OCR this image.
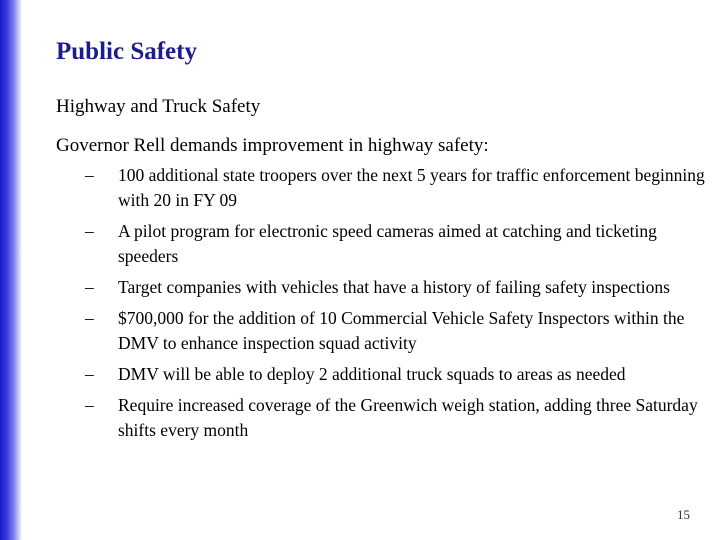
Public Safety

Highway and Truck Safety

Governor Rell demands improvement in highway safety:

– 100 additional state troopers over the next 5 years for traffic enforcement beginning with 20 in FY 09
– A pilot program for electronic speed cameras aimed at catching and ticketing speeders
– Target companies with vehicles that have a history of failing safety inspections
– $700,000 for the addition of 10 Commercial Vehicle Safety Inspectors within the DMV to enhance inspection squad activity
– DMV will be able to deploy 2 additional truck squads to areas as needed
– Require increased coverage of the Greenwich weigh station, adding three Saturday shifts every month
15
